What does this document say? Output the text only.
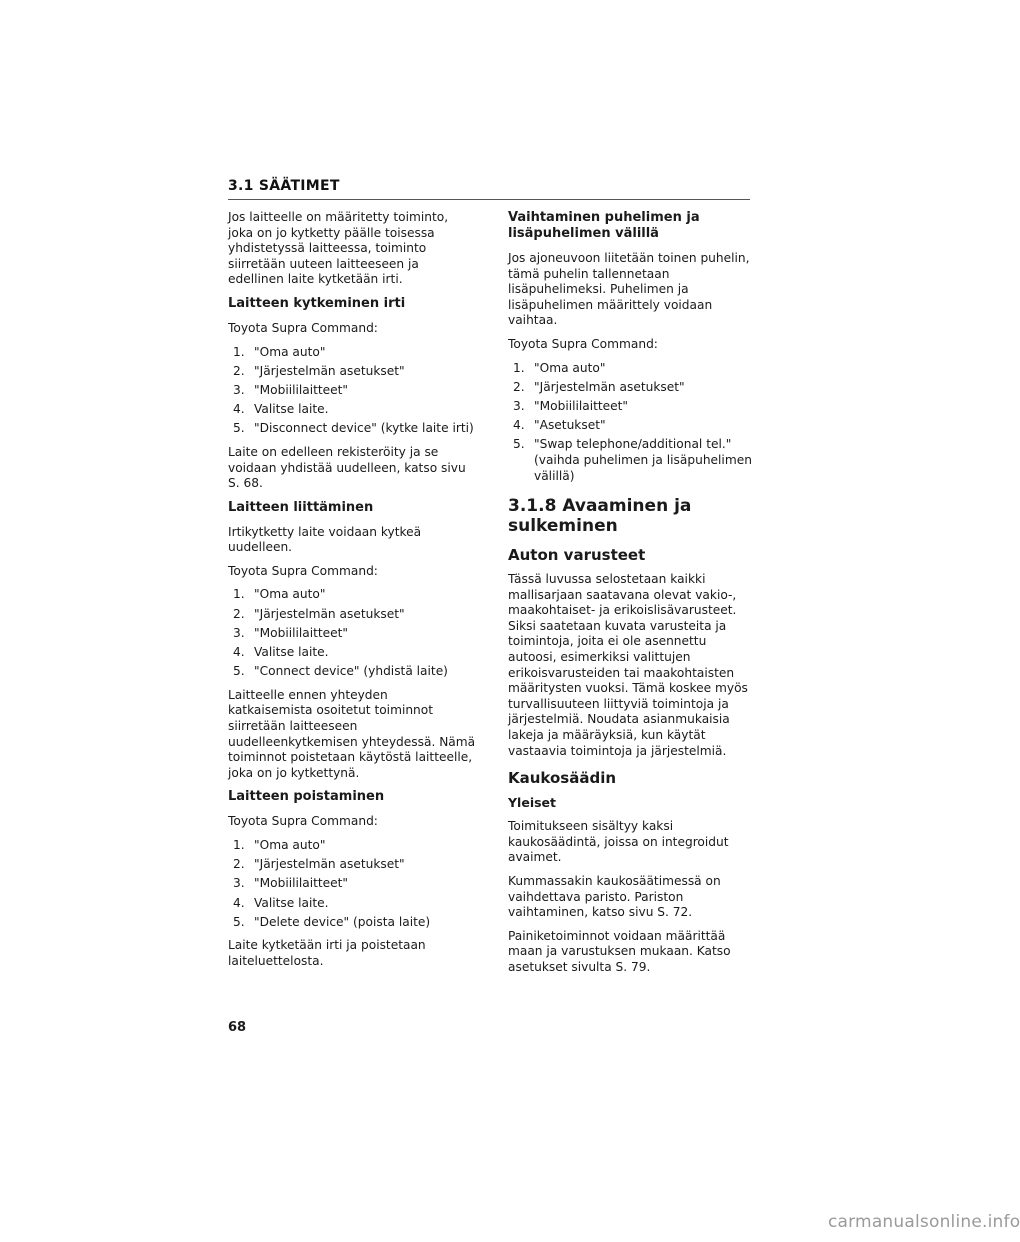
3.1 SÄÄTIMET

Jos laitteelle on määritetty toiminto, joka on jo kytketty päälle toisessa yhdistetyssä laitteessa, toiminto siirretään uuteen laitteeseen ja edellinen laite kytketään irti.

Laitteen kytkeminen irti

Toyota Supra Command:

1. "Oma auto"
2. "Järjestelmän asetukset"
3. "Mobiililaitteet"
4. Valitse laite.
5. "Disconnect device" (kytke laite irti)

Laite on edelleen rekisteröity ja se voidaan yhdistää uudelleen, katso sivu S. 68.

Laitteen liittäminen

Irtikytketty laite voidaan kytkeä uudelleen.

Toyota Supra Command:

1. "Oma auto"
2. "Järjestelmän asetukset"
3. "Mobiililaitteet"
4. Valitse laite.
5. "Connect device" (yhdistä laite)

Laitteelle ennen yhteyden katkaisemista osoitetut toiminnot siirretään laitteeseen uudelleenkytkemisen yhteydessä. Nämä toiminnot poistetaan käytöstä laitteelle, joka on jo kytkettynä.

Laitteen poistaminen

Toyota Supra Command:

1. "Oma auto"
2. "Järjestelmän asetukset"
3. "Mobiililaitteet"
4. Valitse laite.
5. "Delete device" (poista laite)

Laite kytketään irti ja poistetaan laiteluettelosta.

Vaihtaminen puhelimen ja lisäpuhelimen välillä

Jos ajoneuvoon liitetään toinen puhelin, tämä puhelin tallennetaan lisäpuhelimeksi. Puhelimen ja lisäpuhelimen määrittely voidaan vaihtaa.

Toyota Supra Command:

1. "Oma auto"
2. "Järjestelmän asetukset"
3. "Mobiililaitteet"
4. "Asetukset"
5. "Swap telephone/additional tel." (vaihda puhelimen ja lisäpuhelimen välillä)
3.1.8 Avaaminen ja sulkeminen
Auton varusteet

Tässä luvussa selostetaan kaikki mallisarjaan saatavana olevat vakio-, maakohtaiset- ja erikoislisävarusteet. Siksi saatetaan kuvata varusteita ja toimintoja, joita ei ole asennettu autoosi, esimerkiksi valittujen erikoisvarusteiden tai maakohtaisten määritysten vuoksi. Tämä koskee myös turvallisuuteen liittyviä toimintoja ja järjestelmiä. Noudata asianmukaisia lakeja ja määräyksiä, kun käytät vastaavia toimintoja ja järjestelmiä.

Kaukosäädin
Yleiset

Toimitukseen sisältyy kaksi kaukosäädintä, joissa on integroidut avaimet.

Kummassakin kaukosäätimessä on vaihdettava paristo. Pariston vaihtaminen, katso sivu S. 72.

Painiketoiminnot voidaan määrittää maan ja varustuksen mukaan. Katso asetukset sivulta S. 79.

68
carmanualsonline.info
